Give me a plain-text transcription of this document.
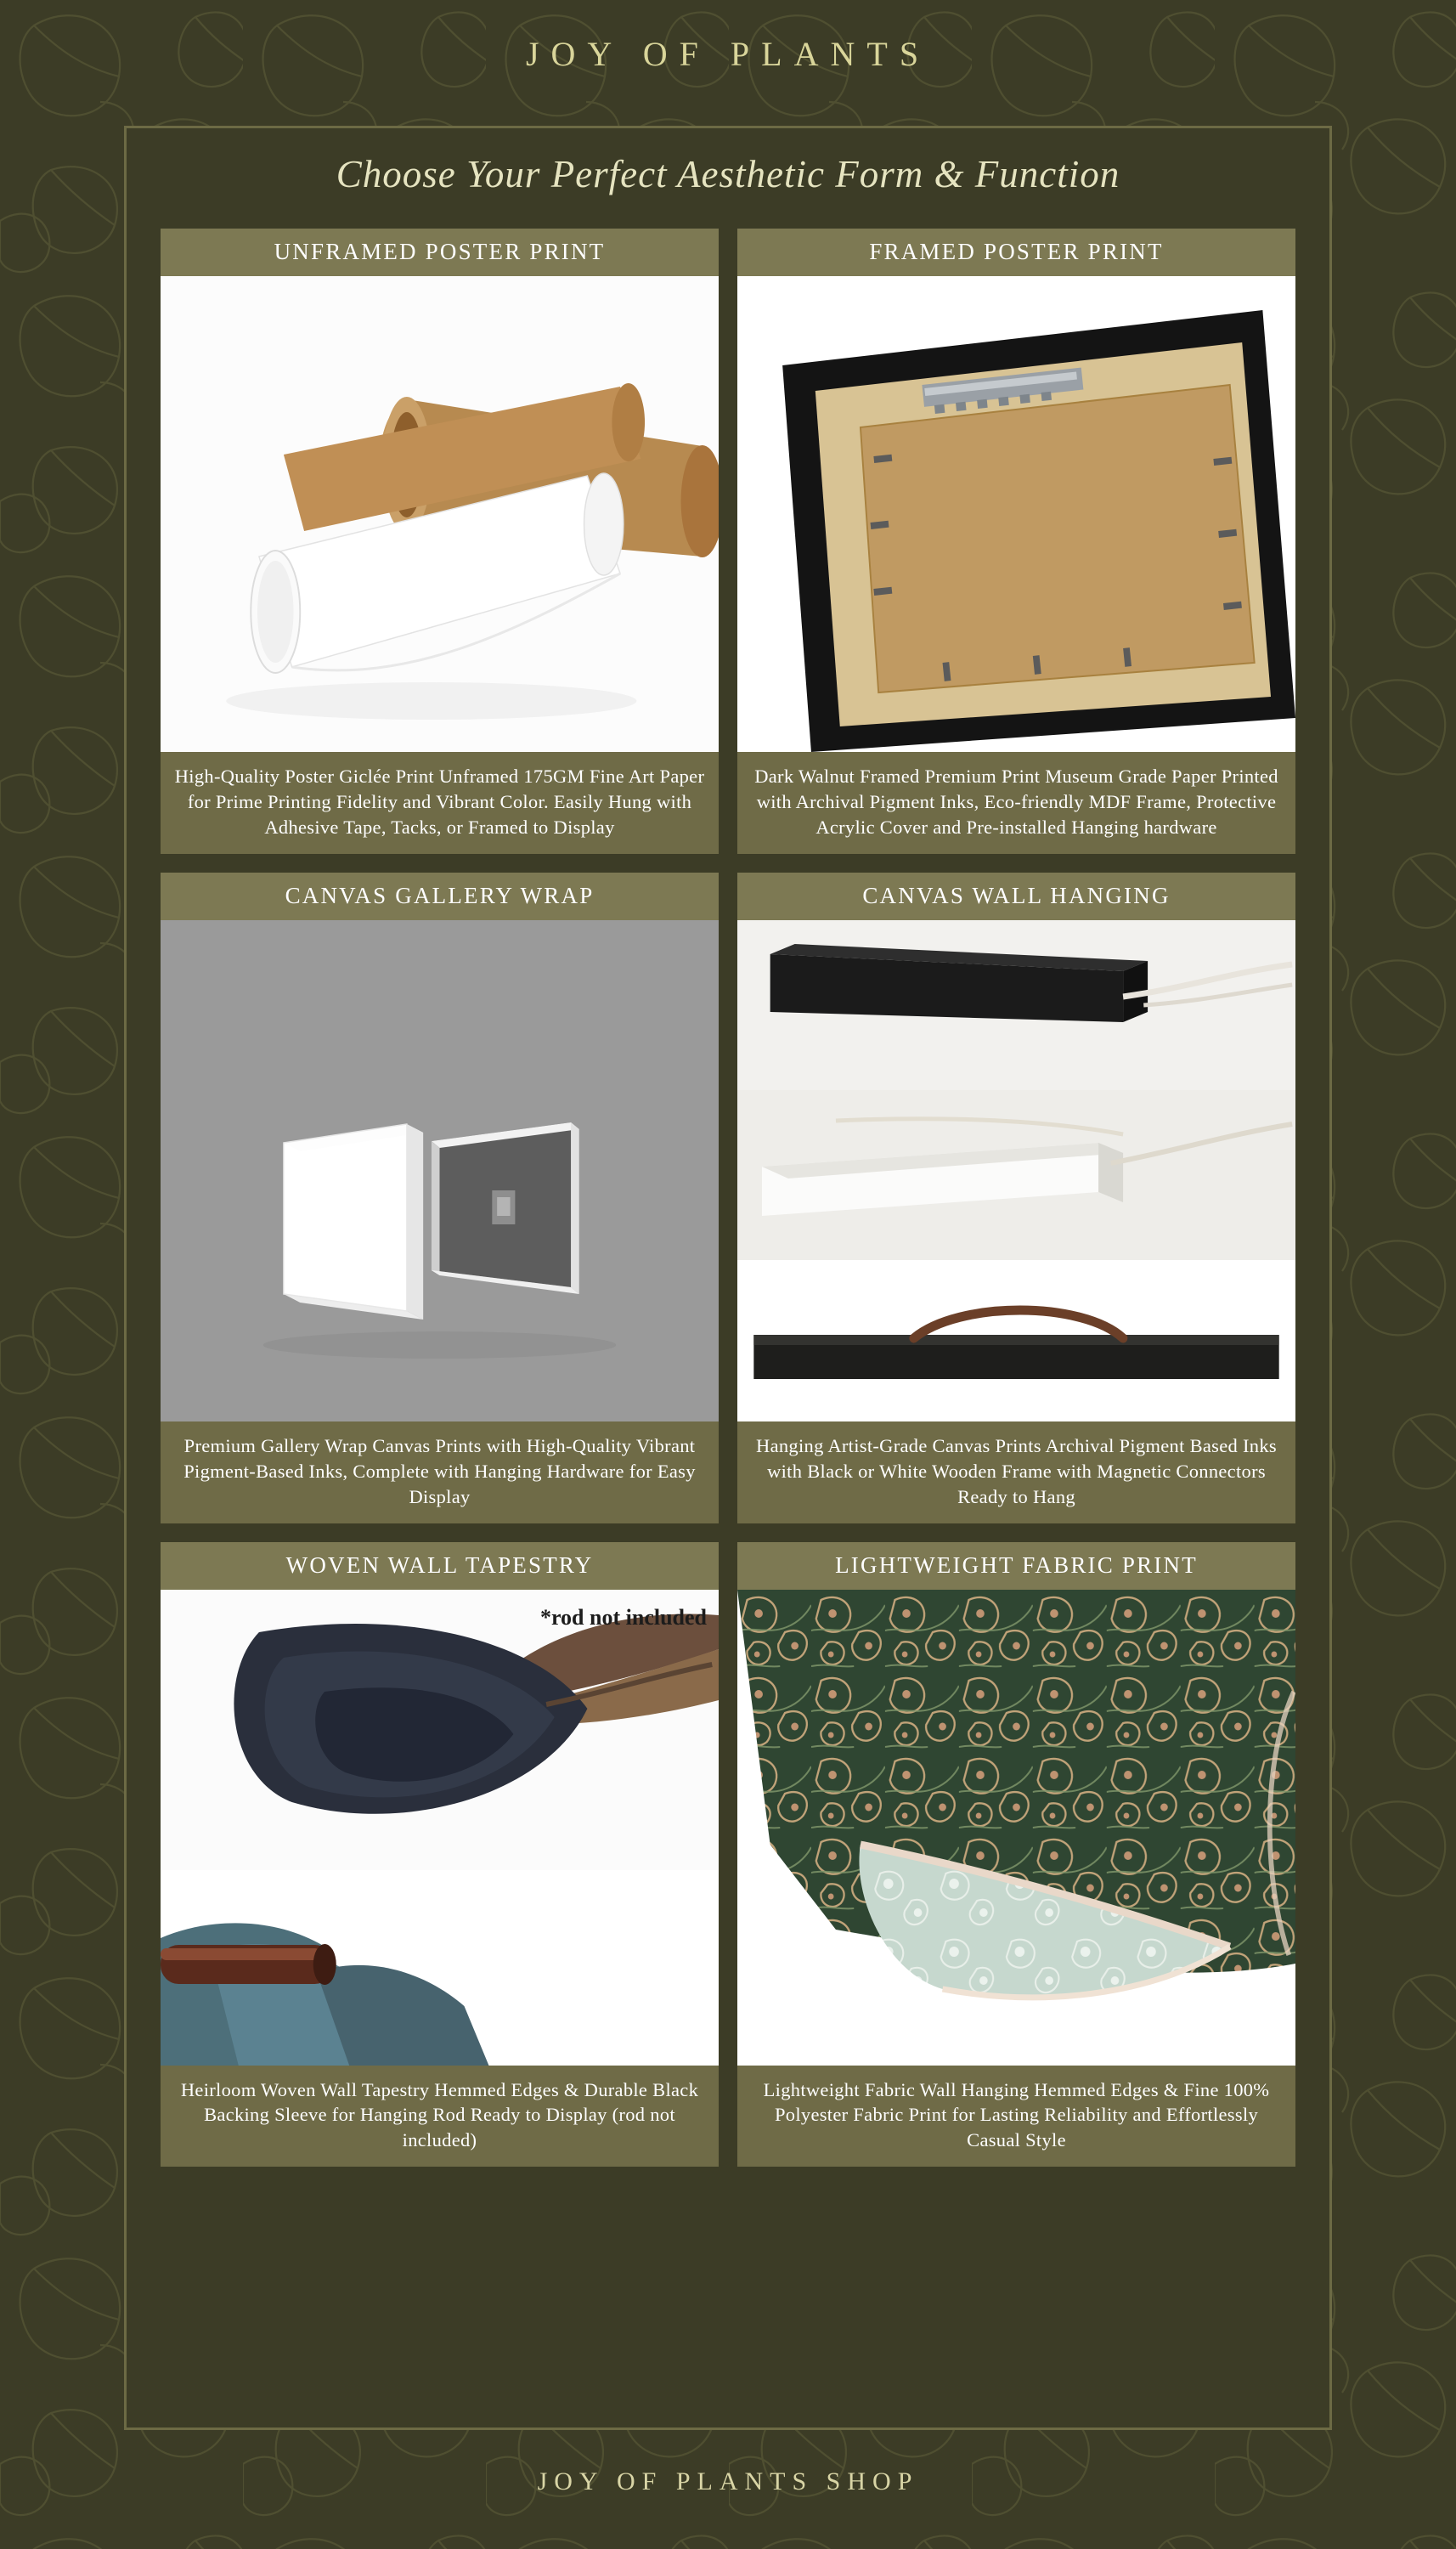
JOY OF PLANTS
Choose Your Perfect Aesthetic Form & Function
UNFRAMED POSTER PRINT
High-Quality Poster Giclée Print Unframed 175GM Fine Art Paper for Prime Printing Fidelity and Vibrant Color. Easily Hung with Adhesive Tape, Tacks, or Framed to Display
FRAMED POSTER PRINT
Dark Walnut Framed Premium Print Museum Grade Paper Printed with Archival Pigment Inks, Eco-friendly MDF Frame, Protective Acrylic Cover and Pre-installed Hanging hardware
CANVAS GALLERY WRAP
Premium Gallery Wrap Canvas Prints with High-Quality Vibrant Pigment-Based Inks, Complete with Hanging Hardware for Easy Display
CANVAS WALL HANGING
Hanging Artist-Grade Canvas Prints Archival Pigment Based Inks with Black or White Wooden Frame with Magnetic Connectors Ready to Hang
WOVEN WALL TAPESTRY
*rod not included
Heirloom Woven Wall Tapestry Hemmed Edges & Durable Black Backing Sleeve for Hanging Rod Ready to Display (rod not included)
LIGHTWEIGHT FABRIC PRINT
Lightweight Fabric Wall Hanging Hemmed Edges & Fine 100% Polyester Fabric Print for Lasting Reliability and Effortlessly Casual Style
JOY OF PLANTS SHOP
